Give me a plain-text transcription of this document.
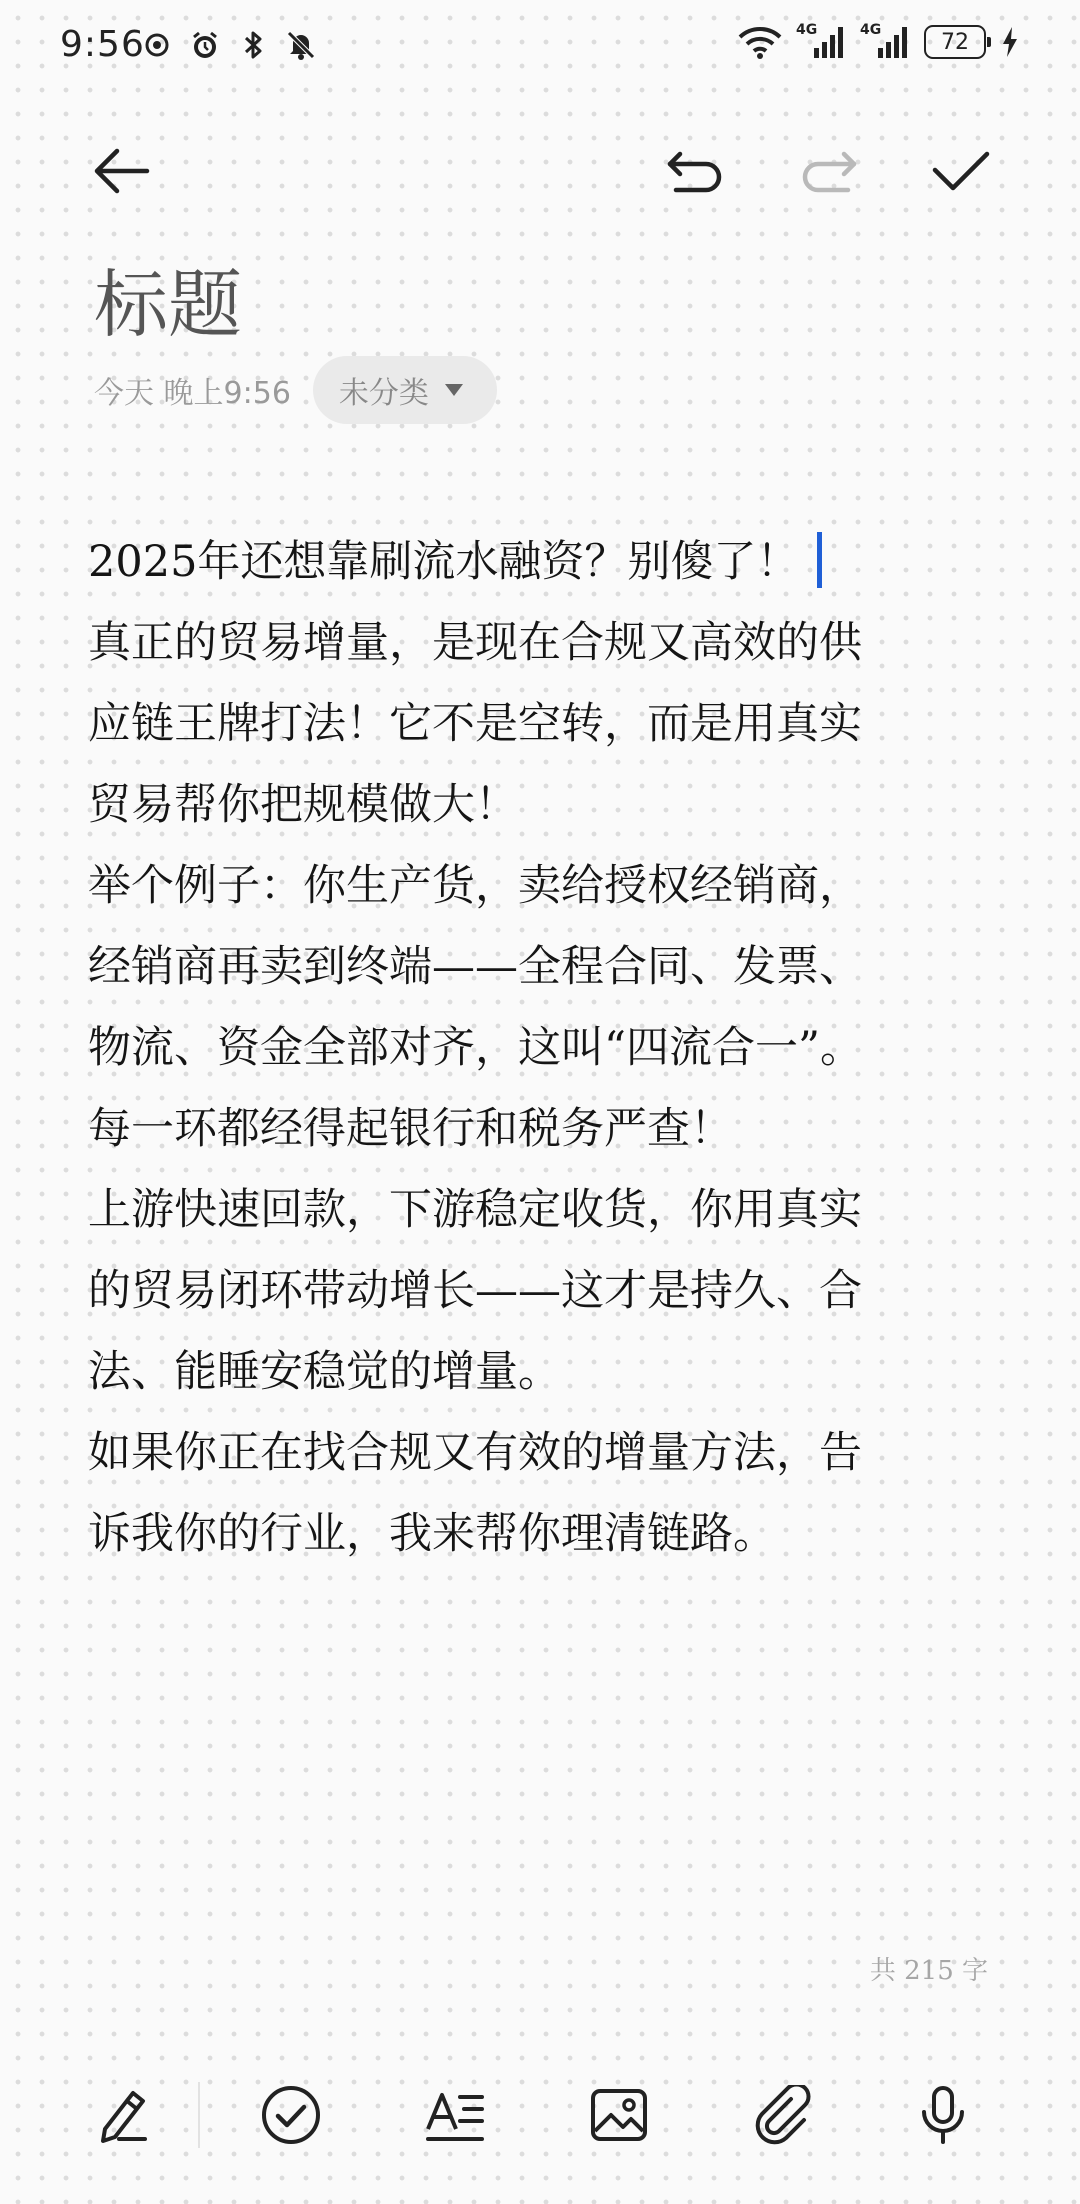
9:56	4G	4G	72
标题
今天 晚上9:56 未分类
2025年还想靠刷流水融资？别傻了！
真正的贸易增量，是现在合规又高效的供
应链王牌打法！它不是空转，而是用真实
贸易帮你把规模做大！
举个例子：你生产货，卖给授权经销商，
经销商再卖到终端——全程合同、发票、
物流、资金全部对齐，这叫“四流合一”。
每一环都经得起银行和税务严查！
上游快速回款，下游稳定收货，你用真实
的贸易闭环带动增长——这才是持久、合
法、能睡安稳觉的增量。
如果你正在找合规又有效的增量方法，告
诉我你的行业，我来帮你理清链路。
共 215 字
